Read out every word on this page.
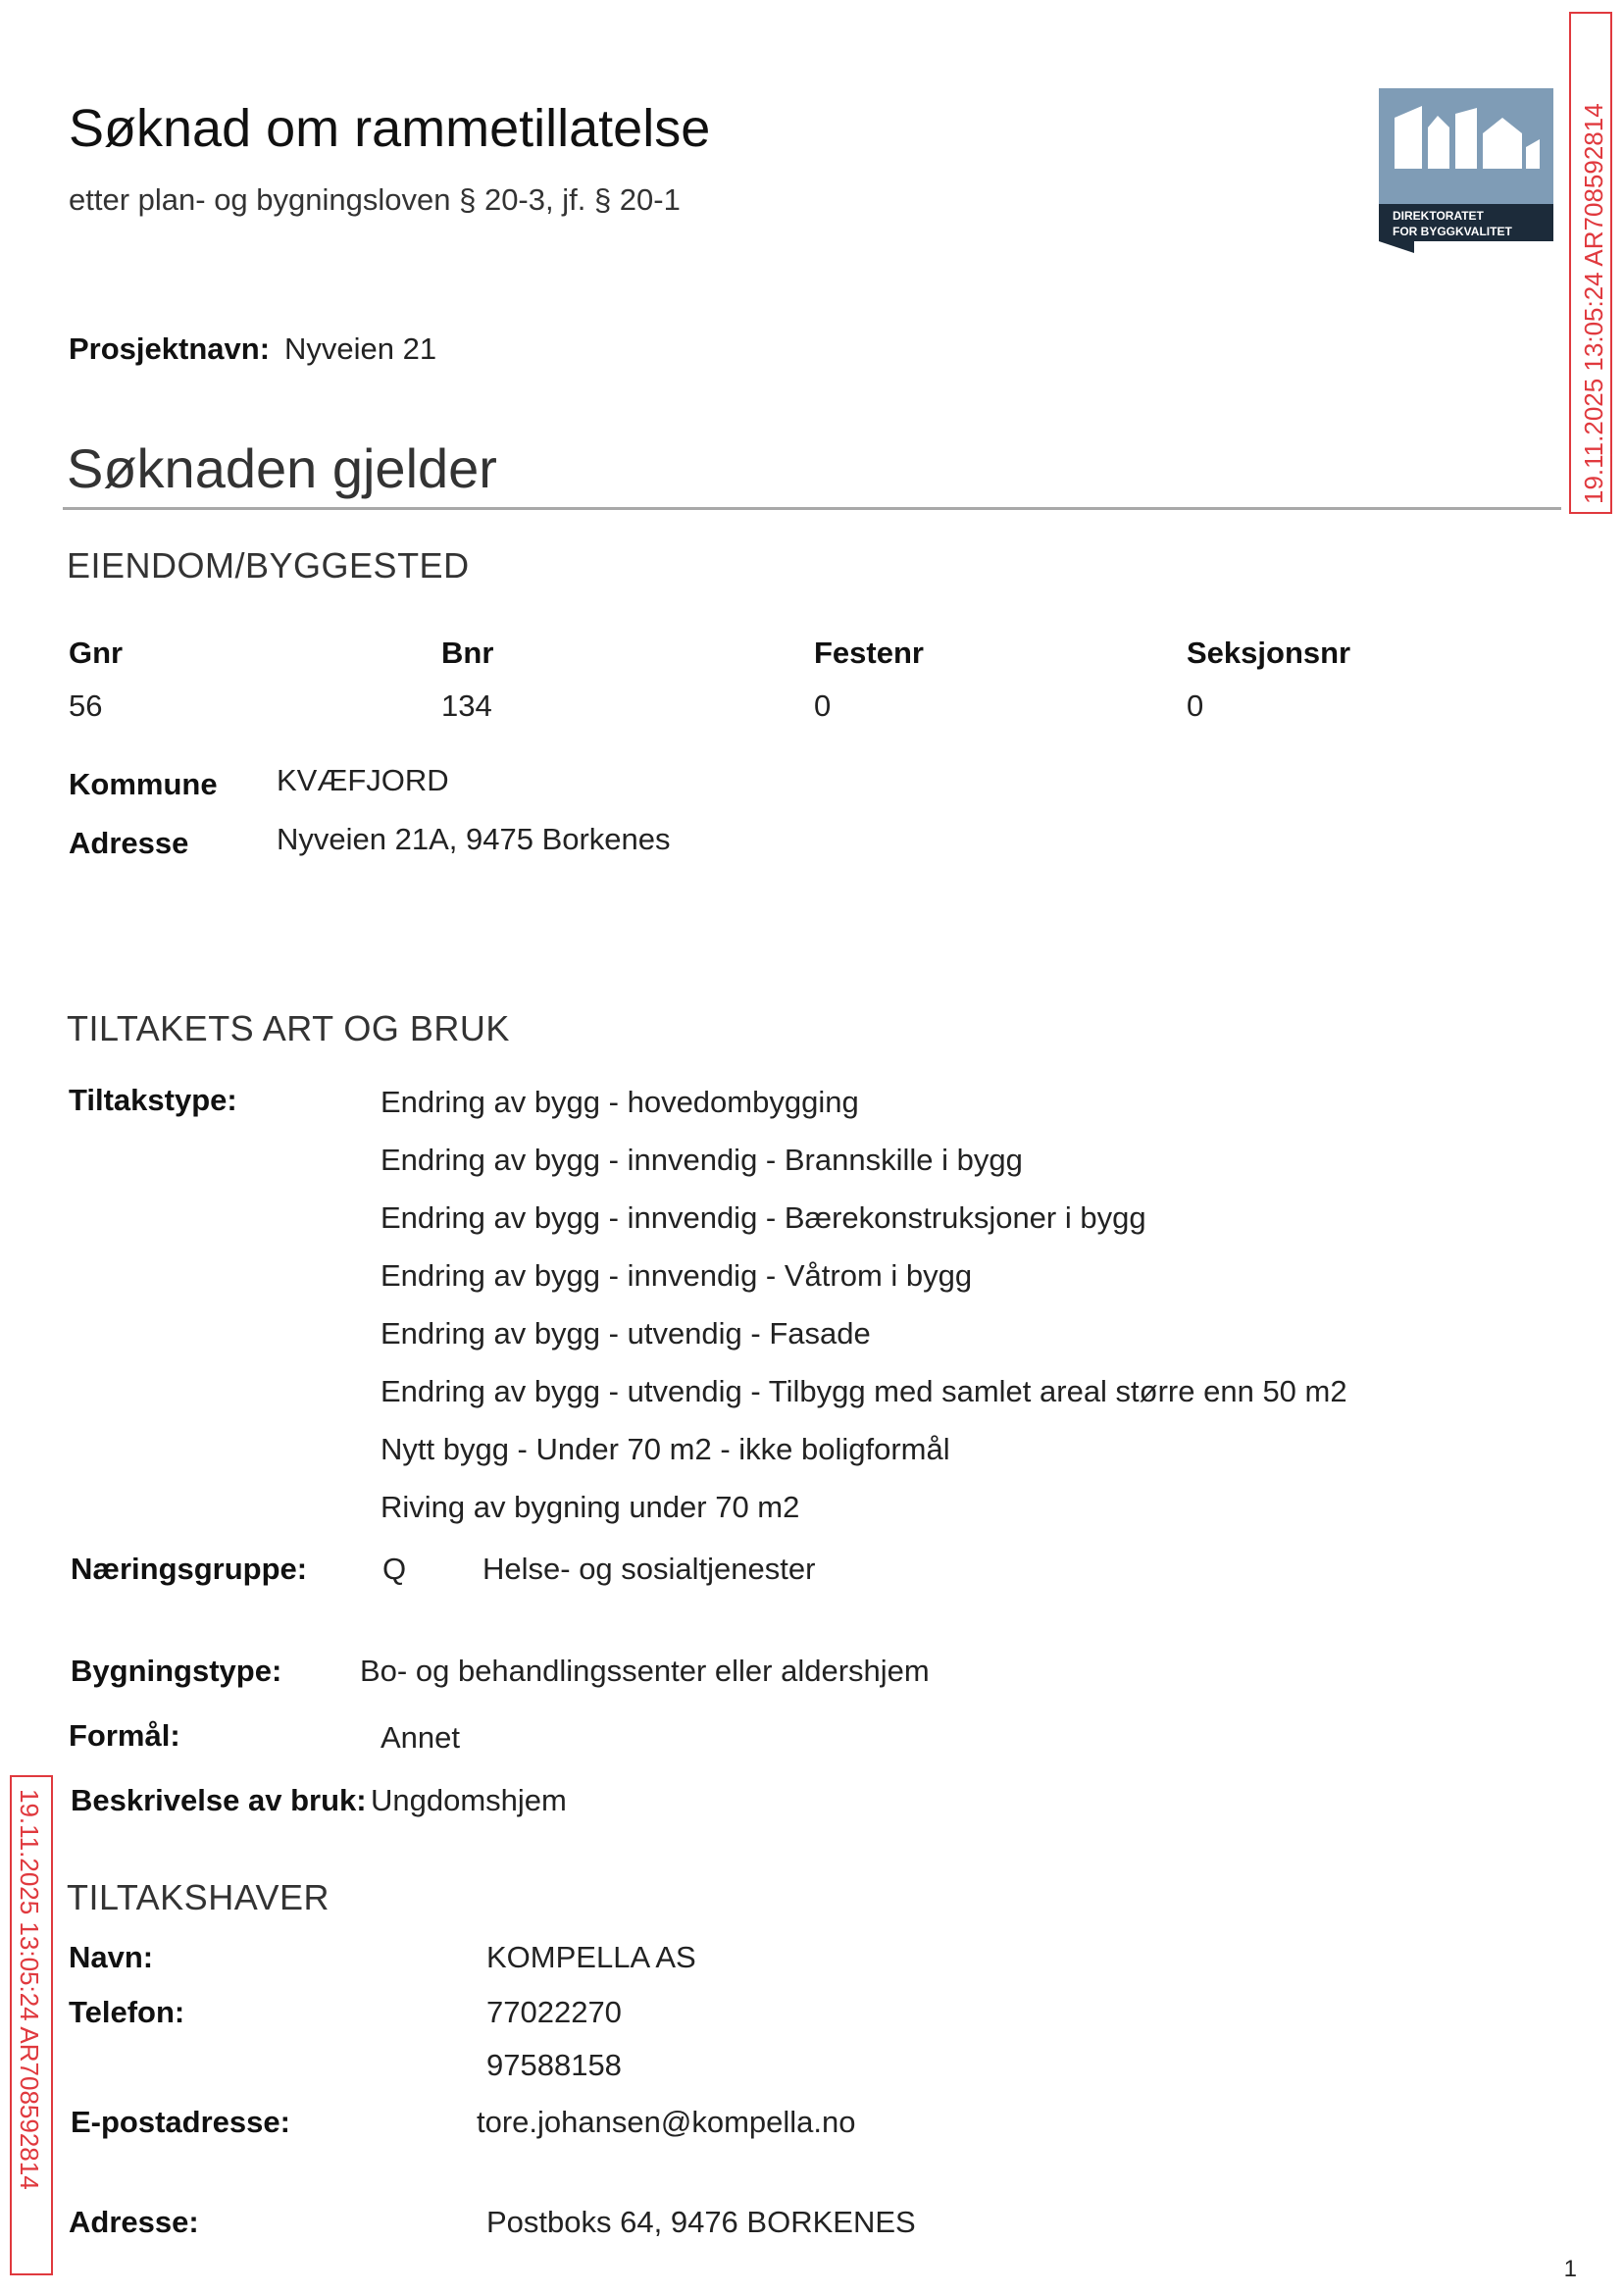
Søknad om rammetillatelse
etter plan- og bygningsloven § 20-3, jf. § 20-1	DIREKTORATET
FOR BYGGKVALITET
Prosjektnavn: Nyveien 21
Søknaden gjelder
EIENDOM/BYGGESTED
Gnr	Bnr	Festenr	Seksjonsnr
56	134	0	0
Kommune KVÆFJORD
Adresse	Nyveien 21A, 9475 Borkenes
TILTAKETS ART OG BRUK
Tiltakstype:	Endring av bygg - hovedombygging
Endring av bygg - innvendig - Brannskille i bygg
Endring av bygg - innvendig - Bærekonstruksjoner i bygg
Endring av bygg - innvendig - Våtrom i bygg
Endring av bygg - utvendig - Fasade
Endring av bygg - utvendig - Tilbygg med samlet areal større enn 50 m2
Nytt bygg - Under 70 m2 - ikke boligformål
Riving av bygning under 70 m2
Næringsgruppe: Q	Helse- og sosialtjenester
Bygningstype:	Bo- og behandlingssenter eller aldershjem
Formål:	Annet
Beskrivelse av bruk: Ungdomshjem
TILTAKSHAVER
Navn:	KOMPELLA AS
Telefon:	77022270
97588158
E-postadresse:	tore.johansen@kompella.no
Adresse:	Postboks 64, 9476 BORKENES
1
19.11.2025 13:05:24 AR708592814
19.11.2025 13:05:24 AR708592814
